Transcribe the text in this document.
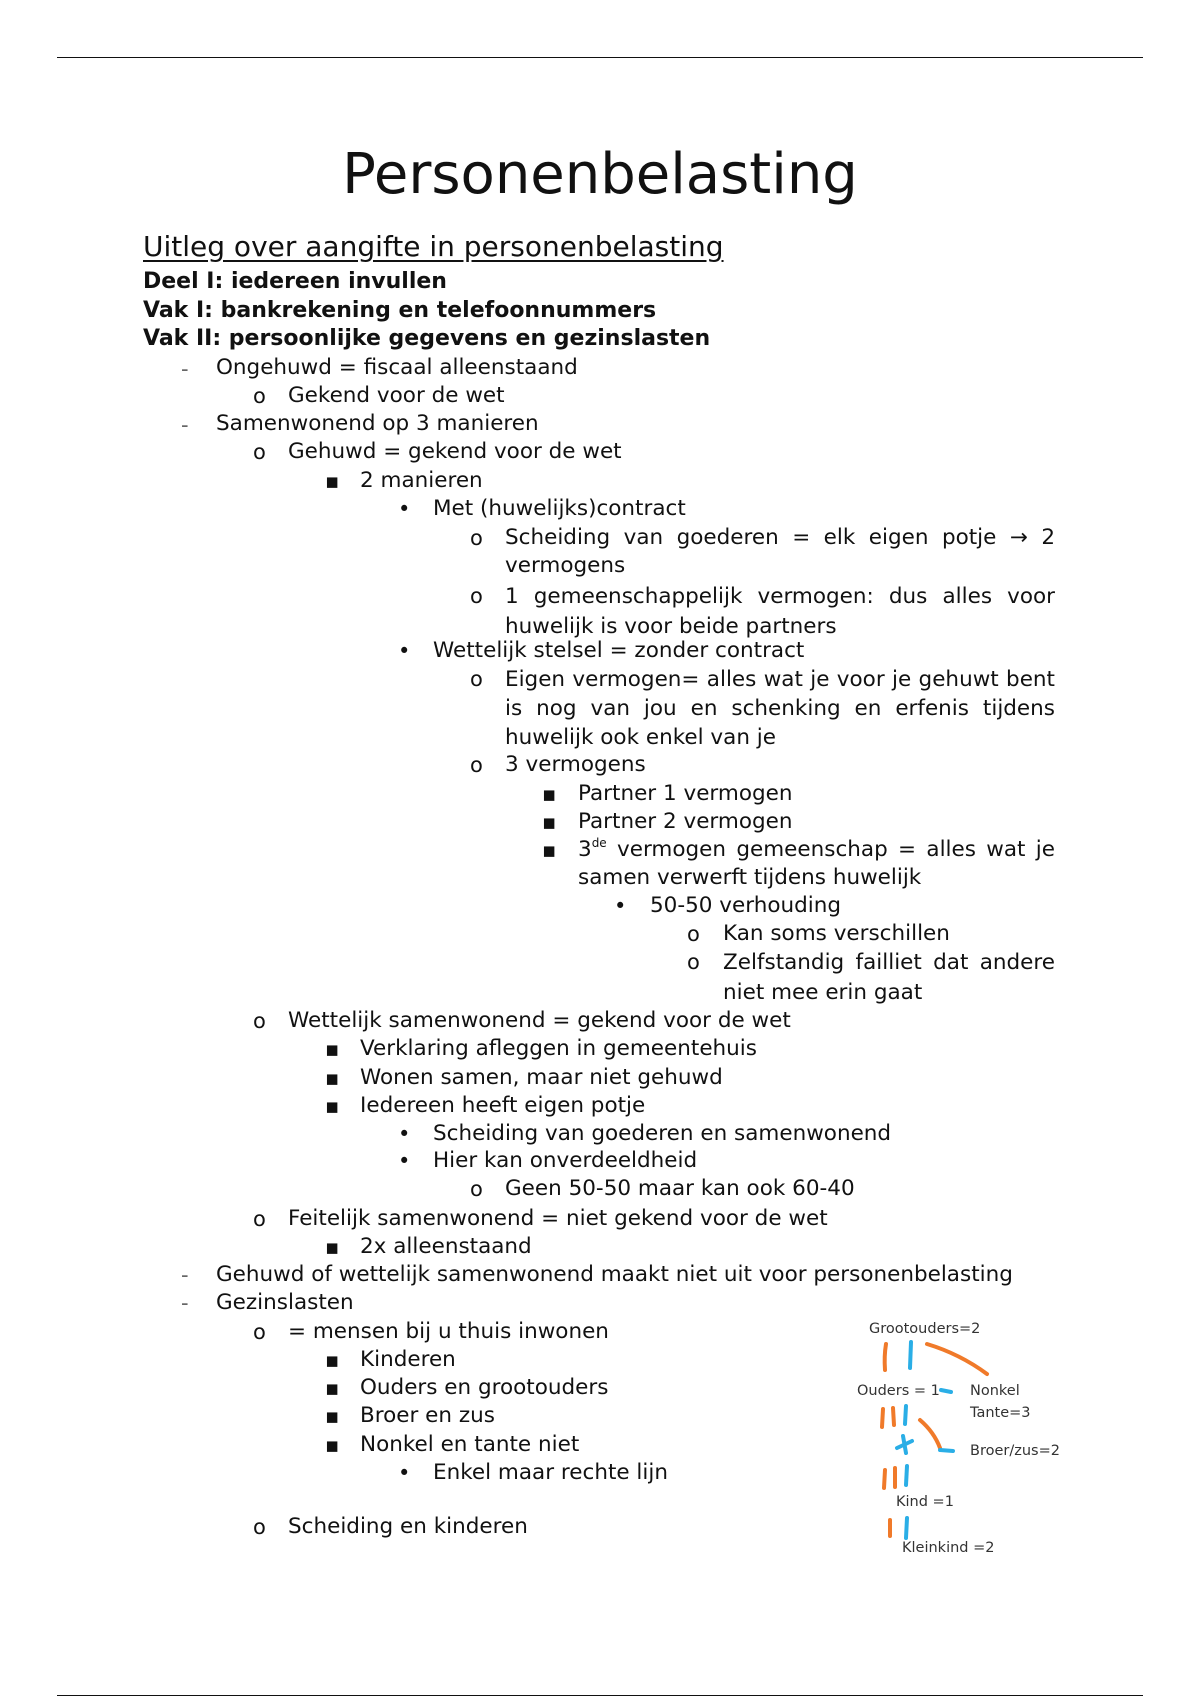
Personenbelasting
Uitleg over aangifte in personenbelasting
Deel I: iedereen invullen
Vak I: bankrekening en telefoonnummers
Vak II: persoonlijke gegevens en gezinslasten
- Ongehuwd = fiscaal alleenstaand
o Gekend voor de wet
- Samenwonend op 3 manieren
o Gehuwd = gekend voor de wet
▪ 2 manieren
• Met (huwelijks)contract
o Scheiding van goederen = elk eigen potje → 2 vermogens
o 1 gemeenschappelijk vermogen: dus alles voor huwelijk is voor beide partners
• Wettelijk stelsel = zonder contract
o Eigen vermogen= alles wat je voor je gehuwt bent is nog van jou en schenking en erfenis tijdens huwelijk ook enkel van je
o 3 vermogens
▪ Partner 1 vermogen
▪ Partner 2 vermogen
▪ 3de vermogen gemeenschap = alles wat je samen verwerft tijdens huwelijk
• 50-50 verhouding
o Kan soms verschillen
o Zelfstandig failliet dat andere niet mee erin gaat
o Wettelijk samenwonend = gekend voor de wet
▪ Verklaring afleggen in gemeentehuis
▪ Wonen samen, maar niet gehuwd
▪ Iedereen heeft eigen potje
• Scheiding van goederen en samenwonend
• Hier kan onverdeeldheid
o Geen 50-50 maar kan ook 60-40
o Feitelijk samenwonend = niet gekend voor de wet
▪ 2x alleenstaand
- Gehuwd of wettelijk samenwonend maakt niet uit voor personenbelasting
- Gezinslasten
o = mensen bij u thuis inwonen
▪ Kinderen
▪ Ouders en grootouders
▪ Broer en zus
▪ Nonkel en tante niet
• Enkel maar rechte lijn
o Scheiding en kinderen
Grootouders=2
Ouders = 1 Nonkel
Tante=3
Broer/zus=2
Kind =1
Kleinkind =2
